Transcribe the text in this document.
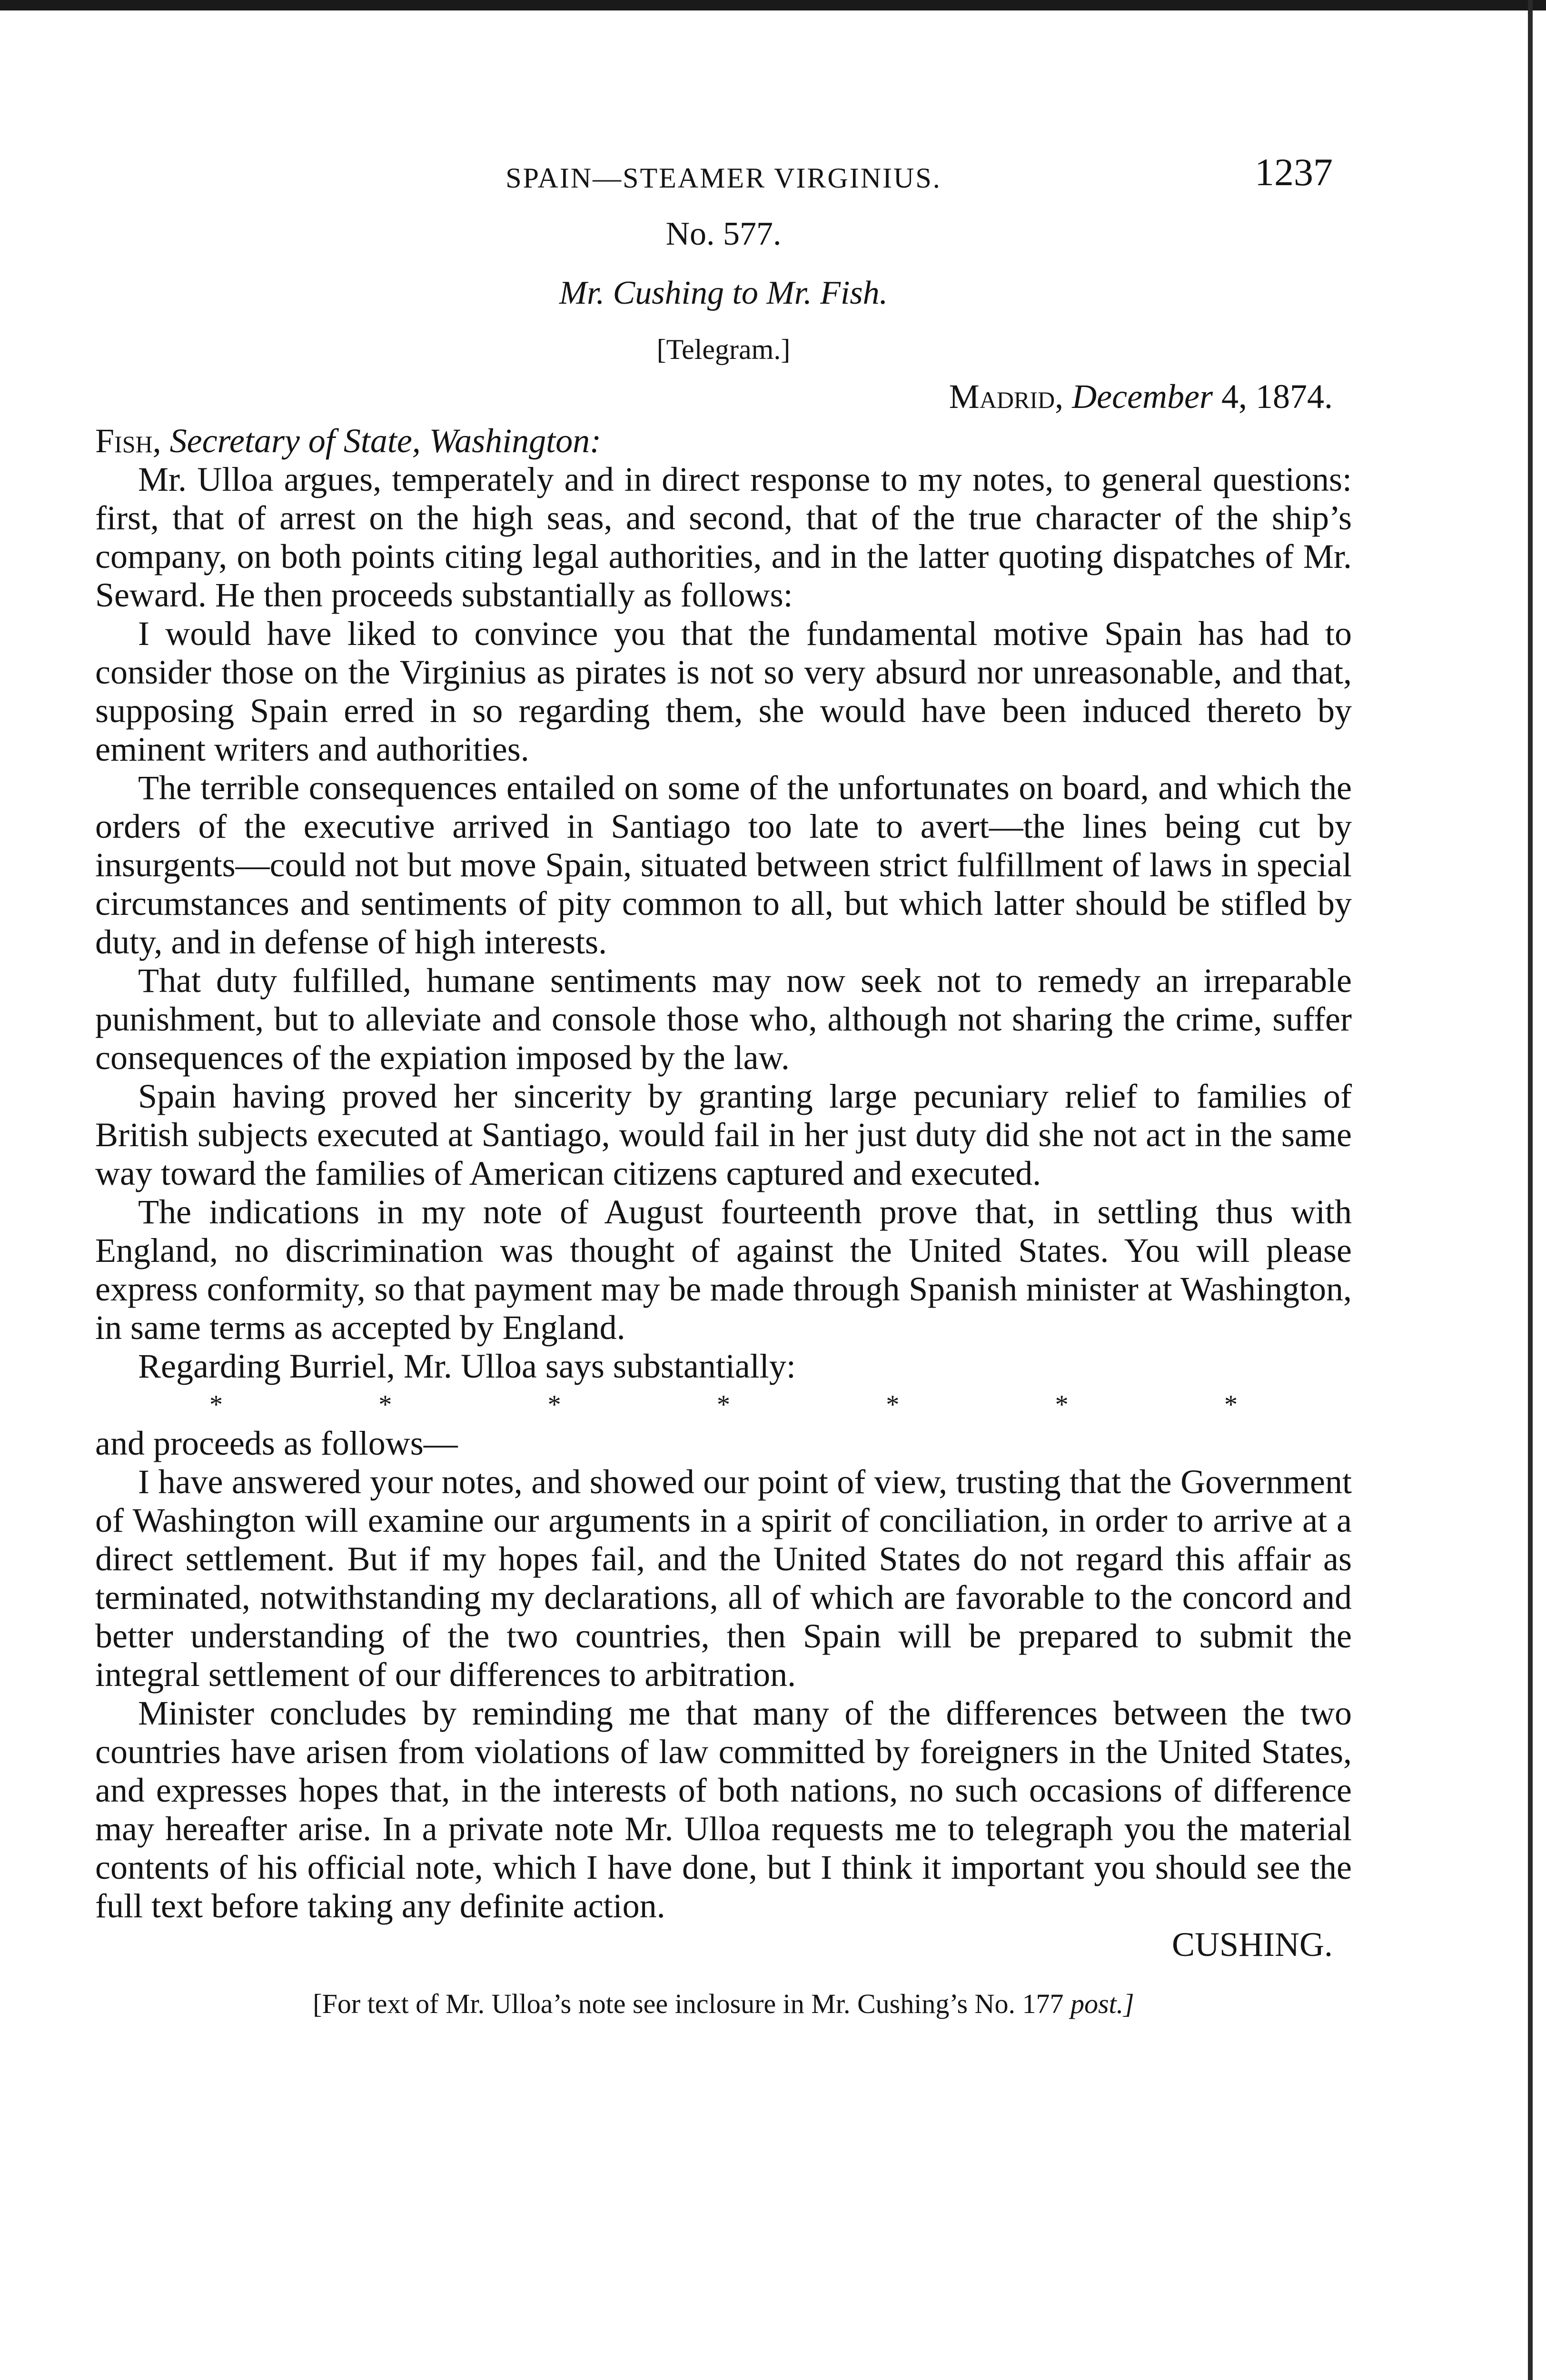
SPAIN—STEAMER VIRGINIUS.	1237
No. 577.
Mr. Cushing to Mr. Fish.
[Telegram.]
Madrid, December 4, 1874.
Fish, Secretary of State, Washington:

Mr. Ulloa argues, temperately and in direct response to my notes, to general questions: first, that of arrest on the high seas, and second, that of the true character of the ship’s company, on both points citing legal authorities, and in the latter quoting dispatches of Mr. Seward. He then proceeds substantially as follows:

I would have liked to convince you that the fundamental motive Spain has had to consider those on the Virginius as pirates is not so very absurd nor unreasonable, and that, supposing Spain erred in so regarding them, she would have been induced thereto by eminent writers and authorities.

The terrible consequences entailed on some of the unfortunates on board, and which the orders of the executive arrived in Santiago too late to avert—the lines being cut by insurgents—could not but move Spain, situated between strict fulfillment of laws in special circumstances and sentiments of pity common to all, but which latter should be stifled by duty, and in defense of high interests.

That duty fulfilled, humane sentiments may now seek not to remedy an irreparable punishment, but to alleviate and console those who, although not sharing the crime, suffer consequences of the expiation imposed by the law.

Spain having proved her sincerity by granting large pecuniary relief to families of British subjects executed at Santiago, would fail in her just duty did she not act in the same way toward the families of American citizens captured and executed.

The indications in my note of August fourteenth prove that, in settling thus with England, no discrimination was thought of against the United States. You will please express conformity, so that payment may be made through Spanish minister at Washington, in same terms as accepted by England.

Regarding Burriel, Mr. Ulloa says substantially:

*	*	*	*	*	*	*

and proceeds as follows—

I have answered your notes, and showed our point of view, trusting that the Government of Washington will examine our arguments in a spirit of conciliation, in order to arrive at a direct settlement. But if my hopes fail, and the United States do not regard this affair as terminated, notwithstanding my declarations, all of which are favorable to the concord and better understanding of the two countries, then Spain will be prepared to submit the integral settlement of our differences to arbitration.

Minister concludes by reminding me that many of the differences between the two countries have arisen from violations of law committed by foreigners in the United States, and expresses hopes that, in the interests of both nations, no such occasions of difference may hereafter arise. In a private note Mr. Ulloa requests me to telegraph you the material contents of his official note, which I have done, but I think it important you should see the full text before taking any definite action.

CUSHING.
[For text of Mr. Ulloa’s note see inclosure in Mr. Cushing’s No. 177 post.]
